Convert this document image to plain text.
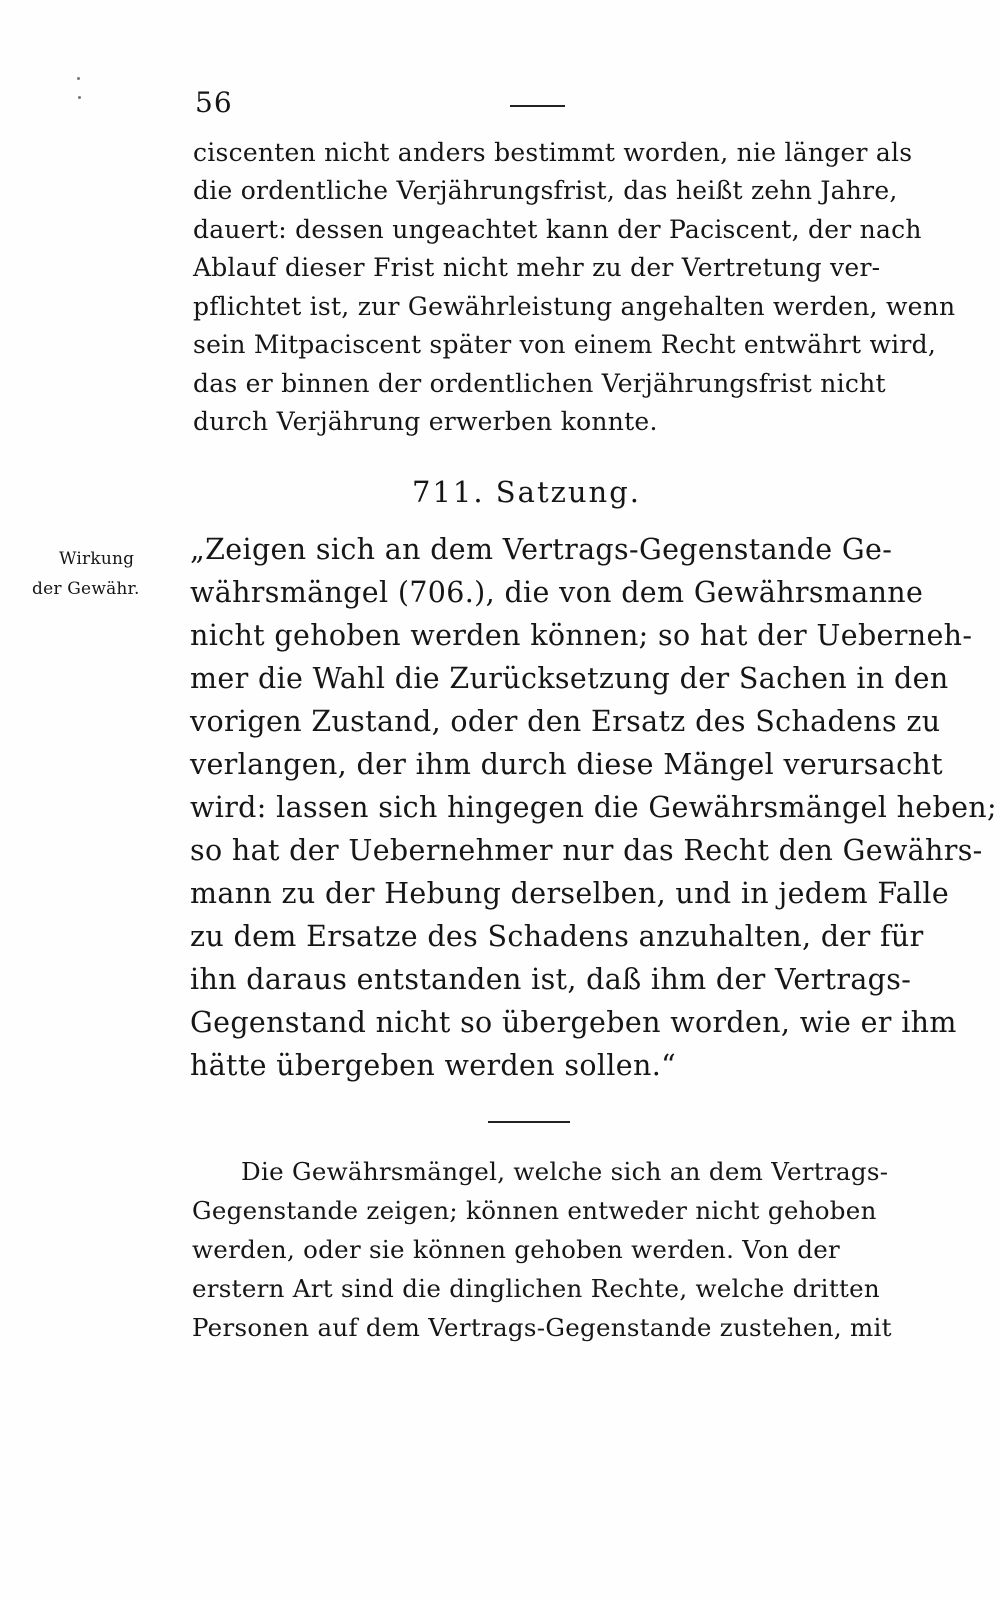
56
ciscenten nicht anders bestimmt worden, nie länger als
die ordentliche Verjährungsfrist, das heißt zehn Jahre,
dauert: dessen ungeachtet kann der Paciscent, der nach
Ablauf dieser Frist nicht mehr zu der Vertretung ver-
pflichtet ist, zur Gewährleistung angehalten werden, wenn
sein Mitpaciscent später von einem Recht entwährt wird,
das er binnen der ordentlichen Verjährungsfrist nicht
durch Verjährung erwerben konnte.
711. Satzung.
Wirkung
der Gewähr.
„Zeigen sich an dem Vertrags-Gegenstande Ge-
währsmängel (706.), die von dem Gewährsmanne
nicht gehoben werden können; so hat der Ueberneh-
mer die Wahl die Zurücksetzung der Sachen in den
vorigen Zustand, oder den Ersatz des Schadens zu
verlangen, der ihm durch diese Mängel verursacht
wird: lassen sich hingegen die Gewährsmängel heben;
so hat der Uebernehmer nur das Recht den Gewährs-
mann zu der Hebung derselben, und in jedem Falle
zu dem Ersatze des Schadens anzuhalten, der für
ihn daraus entstanden ist, daß ihm der Vertrags-
Gegenstand nicht so übergeben worden, wie er ihm
hätte übergeben werden sollen.“
Die Gewährsmängel, welche sich an dem Vertrags-
Gegenstande zeigen; können entweder nicht gehoben
werden, oder sie können gehoben werden. Von der
erstern Art sind die dinglichen Rechte, welche dritten
Personen auf dem Vertrags-Gegenstande zustehen, mit
